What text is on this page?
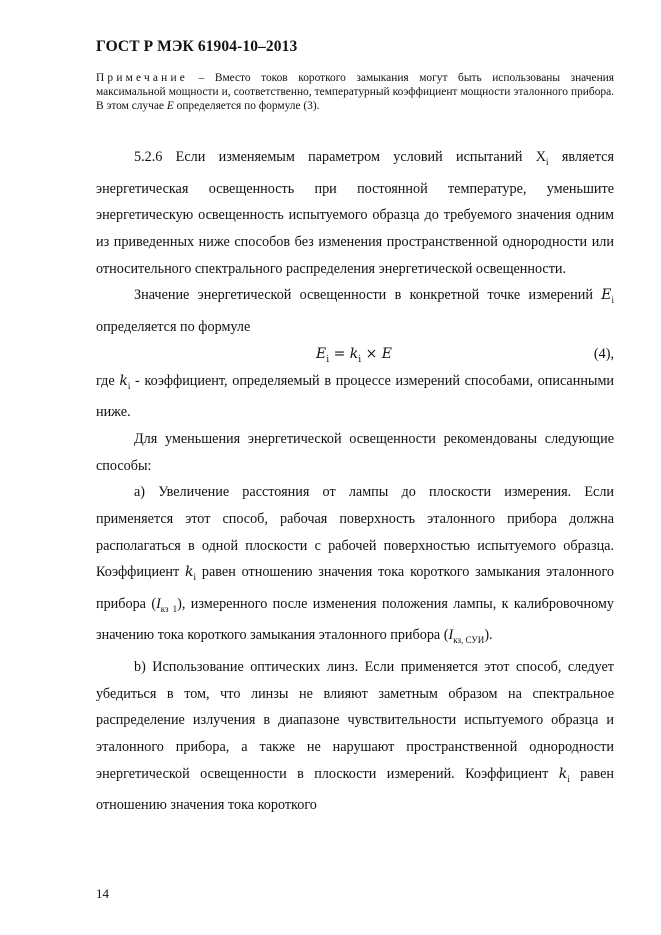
ГОСТ Р МЭК 61904-10–2013
Примечание – Вместо токов короткого замыкания могут быть использованы значения максимальной мощности и, соответственно, температурный коэффициент мощности эталонного прибора. В этом случае E определяется по формуле (3).

5.2.6 Если изменяемым параметром условий испытаний $X_i$ является энергетическая освещенность при постоянной температуре, уменьшите энергетическую освещенность испытуемого образца до требуемого значения одним из приведенных ниже способов без изменения пространственной однородности или относительного спектрального распределения энергетической освещенности.

Значение энергетической освещенности в конкретной точке измерений $E_i$ определяется по формуле

$E_i = k_i \times E$	(4),

где $k_i$ - коэффициент, определяемый в процессе измерений способами, описанными ниже.

Для уменьшения энергетической освещенности рекомендованы следующие способы:

а) Увеличение расстояния от лампы до плоскости измерения. Если применяется этот способ, рабочая поверхность эталонного прибора должна располагаться в одной плоскости с рабочей поверхностью испытуемого образца. Коэффициент $k_i$ равен отношению значения тока короткого замыкания эталонного прибора $(I_{кз 1})$, измеренного после изменения положения лампы, к калибровочному значению тока короткого замыкания эталонного прибора $(I_{кз, СУИ})$.

b) Использование оптических линз. Если применяется этот способ, следует убедиться в том, что линзы не влияют заметным образом на спектральное распределение излучения в диапазоне чувствительности испытуемого образца и эталонного прибора, а также не нарушают пространственной однородности энергетической освещенности в плоскости измерений. Коэффициент $k_i$ равен отношению значения тока короткого

14
